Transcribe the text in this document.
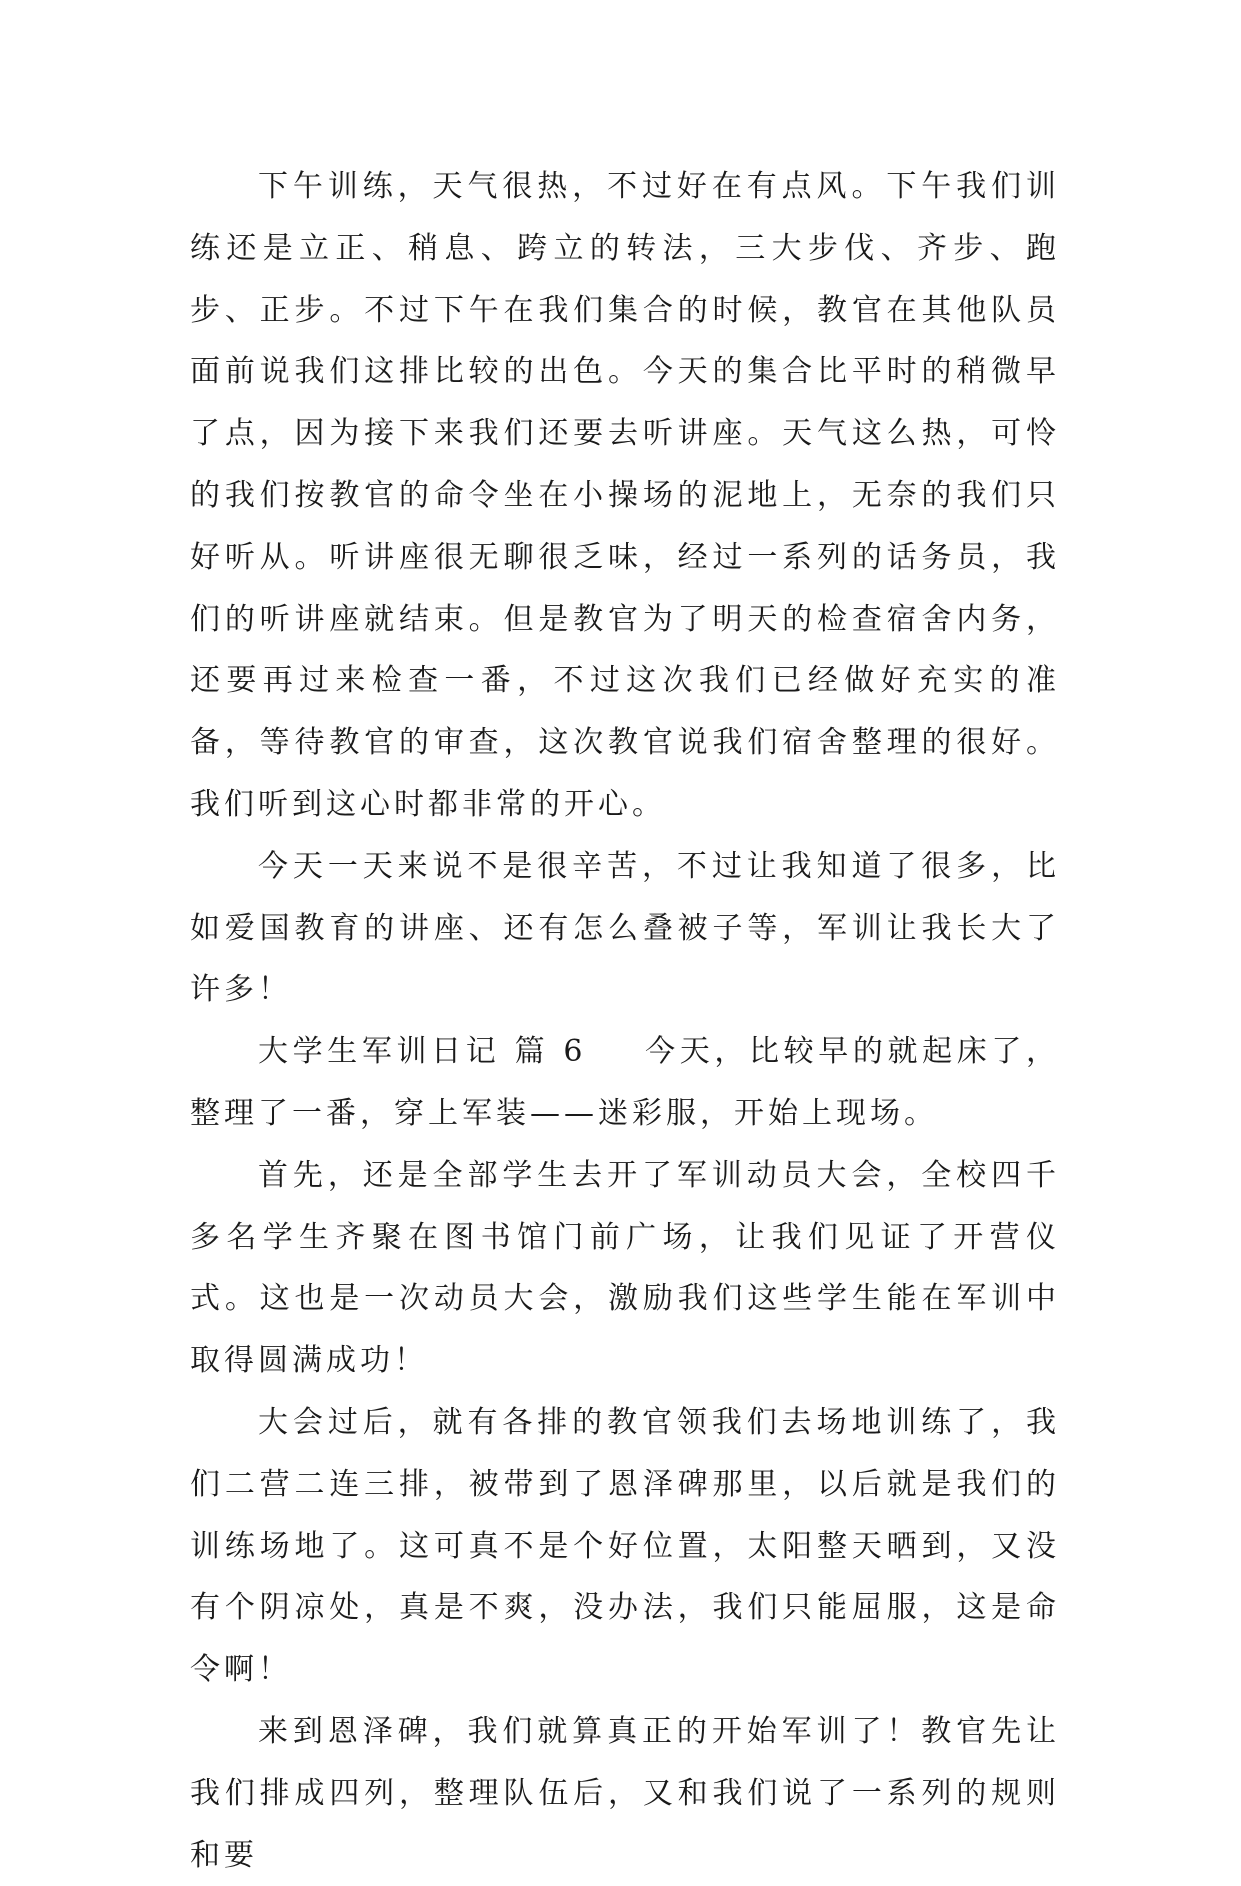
下午训练，天气很热，不过好在有点风。下午我们训练还是立正、稍息、跨立的转法，三大步伐、齐步、跑步、正步。不过下午在我们集合的时候，教官在其他队员面前说我们这排比较的出色。今天的集合比平时的稍微早了点，因为接下来我们还要去听讲座。天气这么热，可怜的我们按教官的命令坐在小操场的泥地上，无奈的我们只好听从。听讲座很无聊很乏味，经过一系列的话务员，我们的听讲座就结束。但是教官为了明天的检查宿舍内务，还要再过来检查一番，不过这次我们已经做好充实的准备，等待教官的审查，这次教官说我们宿舍整理的很好。我们听到这心时都非常的开心。

今天一天来说不是很辛苦，不过让我知道了很多，比如爱国教育的讲座、还有怎么叠被子等，军训让我长大了许多！

大学生军训日记 篇 6 今天，比较早的就起床了，整理了一番，穿上军装——迷彩服，开始上现场。

首先，还是全部学生去开了军训动员大会，全校四千多名学生齐聚在图书馆门前广场，让我们见证了开营仪式。这也是一次动员大会，激励我们这些学生能在军训中取得圆满成功！

大会过后，就有各排的教官领我们去场地训练了，我们二营二连三排，被带到了恩泽碑那里，以后就是我们的训练场地了。这可真不是个好位置，太阳整天晒到，又没有个阴凉处，真是不爽，没办法，我们只能屈服，这是命令啊！

来到恩泽碑，我们就算真正的开始军训了！教官先让我们排成四列，整理队伍后，又和我们说了一系列的规则和要
